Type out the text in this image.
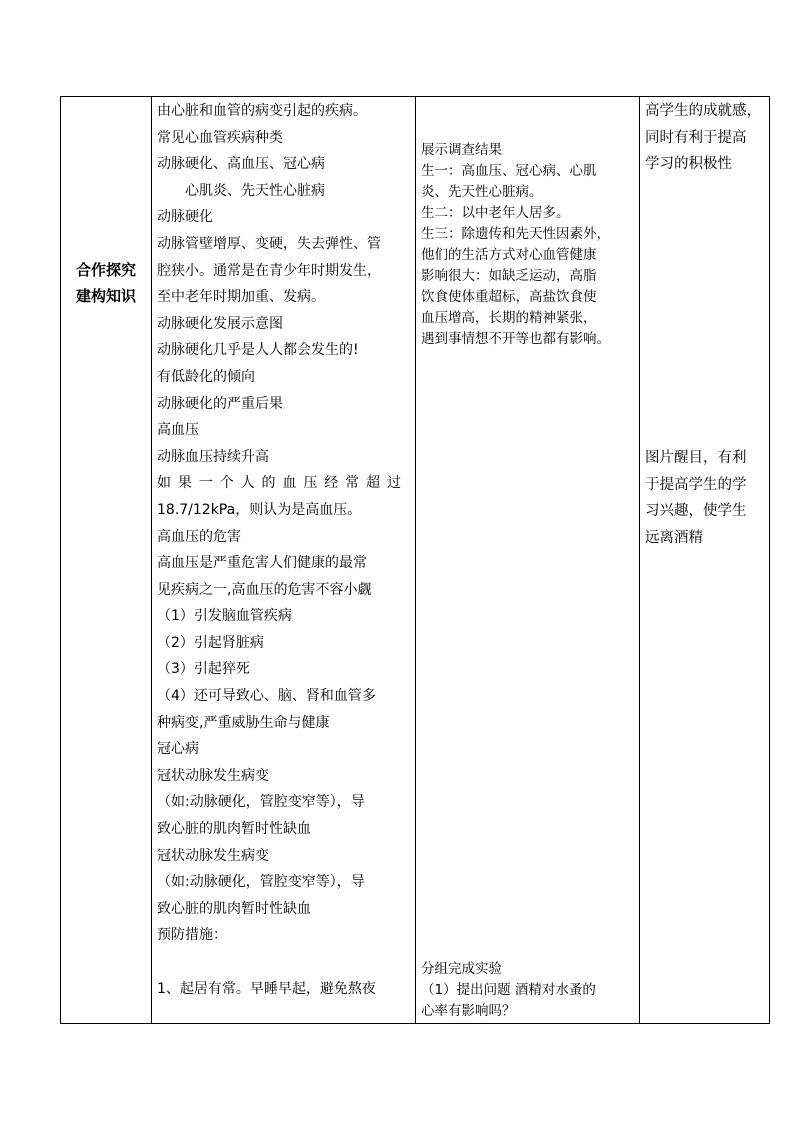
合作探究
建构知识
由心脏和血管的病变引起的疾病。
常见心血管疾病种类
动脉硬化、高血压、冠心病
心肌炎、先天性心脏病
动脉硬化
动脉管壁增厚、变硬，失去弹性、管
腔狭小。通常是在青少年时期发生，
至中老年时期加重、发病。
动脉硬化发展示意图
动脉硬化几乎是人人都会发生的!
有低龄化的倾向
动脉硬化的严重后果
高血压
动脉血压持续升高
如 果 一 个 人 的 血 压 经 常 超 过
18.7/12kPa，则认为是高血压。
高血压的危害
高血压是严重危害人们健康的最常
见疾病之一,高血压的危害不容小觑
（1）引发脑血管疾病
（2）引起肾脏病
（3）引起猝死
（4）还可导致心、脑、肾和血管多
种病变,严重威胁生命与健康
冠心病
冠状动脉发生病变
（如:动脉硬化，管腔变窄等），导
致心脏的肌肉暂时性缺血
冠状动脉发生病变
（如:动脉硬化，管腔变窄等），导
致心脏的肌肉暂时性缺血
预防措施：
1、起居有常。早睡早起，避免熬夜
展示调查结果
生一：高血压、冠心病、心肌
炎、先天性心脏病。
生二：以中老年人居多。
生三：除遗传和先天性因素外，
他们的生活方式对心血管健康
影响很大：如缺乏运动，高脂
饮食使体重超标，高盐饮食使
血压增高，长期的精神紧张，
遇到事情想不开等也都有影响。
分组完成实验
（1）提出问题 酒精对水蚤的
心率有影响吗？
高学生的成就感，
同时有利于提高
学习的积极性
图片醒目，有利
于提高学生的学
习兴趣，使学生
远离酒精
